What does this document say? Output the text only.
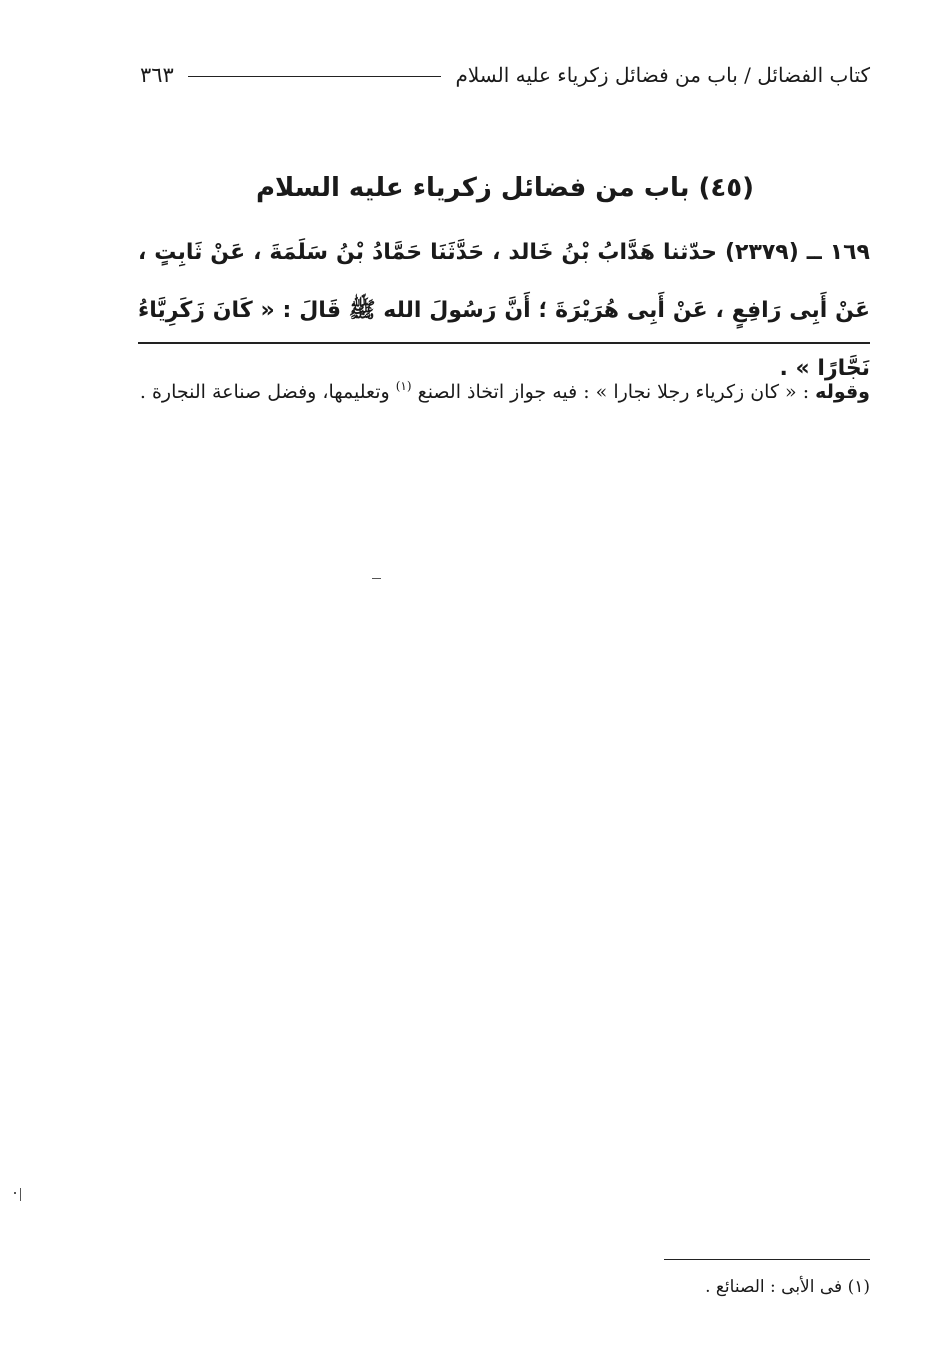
كتاب الفضائل / باب من فضائل زكرياء عليه السلام
٣٦٣
(٤٥) باب من فضائل زكرياء عليه السلام
١٦٩ ــ (٢٣٧٩) حدّثنا هَدَّابُ بْنُ خَالد ، حَدَّثَنَا حَمَّادُ بْنُ سَلَمَةَ ، عَنْ ثَابِتٍ ، عَنْ أَبِى رَافِعٍ ، عَنْ أَبِى هُرَيْرَةَ ؛ أَنَّ رَسُولَ الله ﷺ قَالَ : « كَانَ زَكَرِيَّاءُ نَجَّارًا » .
وقوله : « كان زكرياء رجلا نجارا » : فيه جواز اتخاذ الصنع $^{(١)}$ وتعليمها، وفضل صناعة النجارة .
(١) فى الأبى : الصنائع .
